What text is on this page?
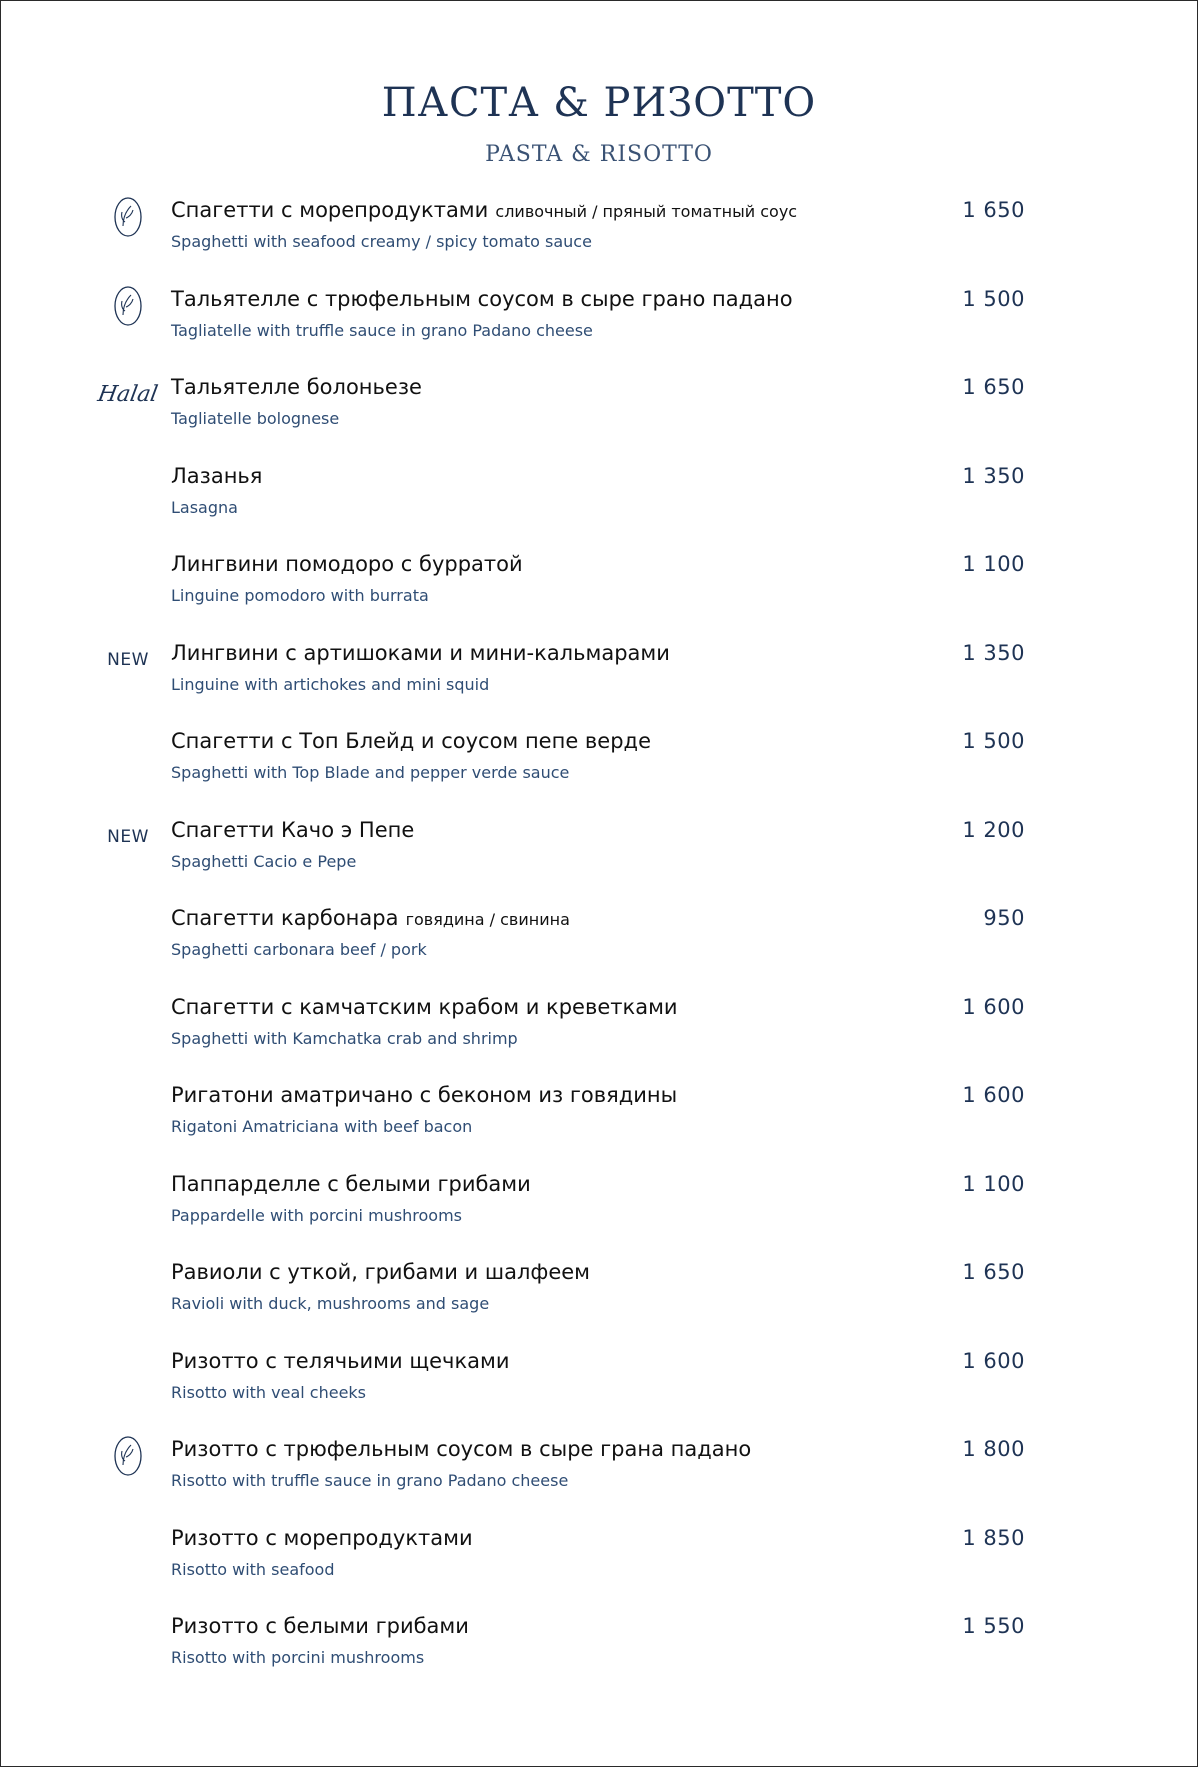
ПАСТА & РИЗОТТО
PASTA & RISOTTO
Спагетти с морепродуктами сливочный / пряный томатный соус
Spaghetti with seafood creamy / spicy tomato sauce
1 650
Тальятелле с трюфельным соусом в сыре грано падано
Tagliatelle with truffle sauce in grano Padano cheese
1 500
Halal Тальятелле болоньезе
Tagliatelle bolognese
1 650
Лазанья
Lasagna
1 350
Лингвини помодоро с бурратой
Linguine pomodoro with burrata
1 100
NEW Лингвини с артишоками и мини-кальмарами
Linguine with artichokes and mini squid
1 350
Спагетти с Топ Блейд и соусом пепе верде
Spaghetti with Top Blade and pepper verde sauce
1 500
NEW Спагетти Качо э Пепе
Spaghetti Cacio e Pepe
1 200
Спагетти карбонара говядина / свинина
Spaghetti carbonara beef / pork
950
Спагетти с камчатским крабом и креветками
Spaghetti with Kamchatka crab and shrimp
1 600
Ригатони аматричано с беконом из говядины
Rigatoni Amatriciana with beef bacon
1 600
Паппарделле с белыми грибами
Pappardelle with porcini mushrooms
1 100
Равиоли с уткой, грибами и шалфеем
Ravioli with duck, mushrooms and sage
1 650
Ризотто с телячьими щечками
Risotto with veal cheeks
1 600
Ризотто с трюфельным соусом в сыре грана падано
Risotto with truffle sauce in grano Padano cheese
1 800
Ризотто с морепродуктами
Risotto with seafood
1 850
Ризотто с белыми грибами
Risotto with porcini mushrooms
1 550
